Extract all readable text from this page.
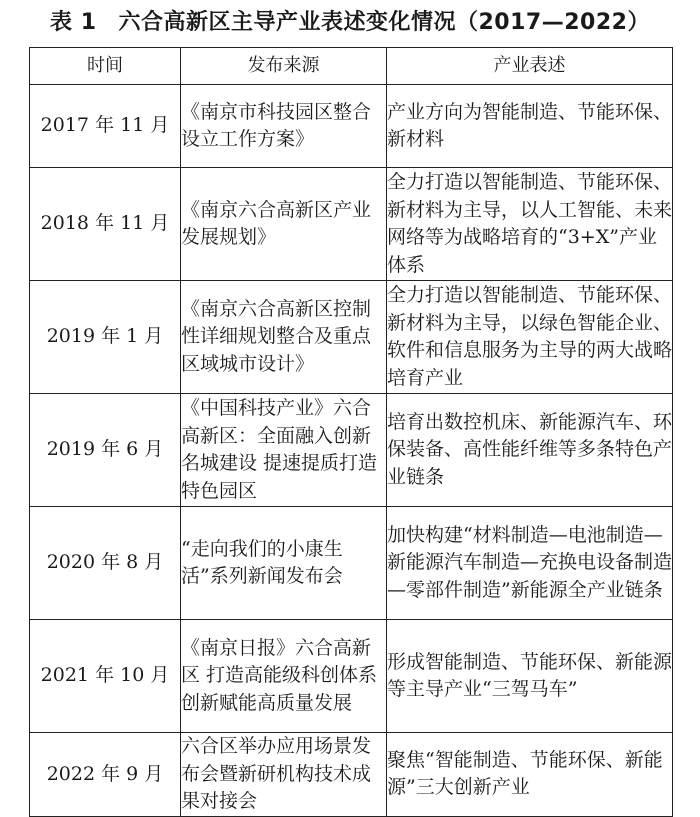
表 1 六合高新区主导产业表述变化情况（2017—2022）
时间	发布来源	产业表述
2017 年 11 月	《南京市科技园区整合设立工作方案》	产业方向为智能制造、节能环保、新材料
2018 年 11 月	《南京六合高新区产业发展规划》	全力打造以智能制造、节能环保、新材料为主导，以人工智能、未来网络等为战略培育的“3+X”产业体系
2019 年 1 月	《南京六合高新区控制性详细规划整合及重点区域城市设计》	全力打造以智能制造、节能环保、新材料为主导，以绿色智能企业、软件和信息服务为主导的两大战略培育产业
2019 年 6 月	《中国科技产业》六合高新区：全面融入创新名城建设 提速提质打造特色园区	培育出数控机床、新能源汽车、环保装备、高性能纤维等多条特色产业链条
2020 年 8 月	“走向我们的小康生活”系列新闻发布会	加快构建“材料制造—电池制造—新能源汽车制造—充换电设备制造—零部件制造”新能源全产业链条
2021 年 10 月	《南京日报》六合高新区 打造高能级科创体系 创新赋能高质量发展	形成智能制造、节能环保、新能源等主导产业“三驾马车”
2022 年 9 月	六合区举办应用场景发布会暨新研机构技术成果对接会	聚焦“智能制造、节能环保、新能源”三大创新产业
